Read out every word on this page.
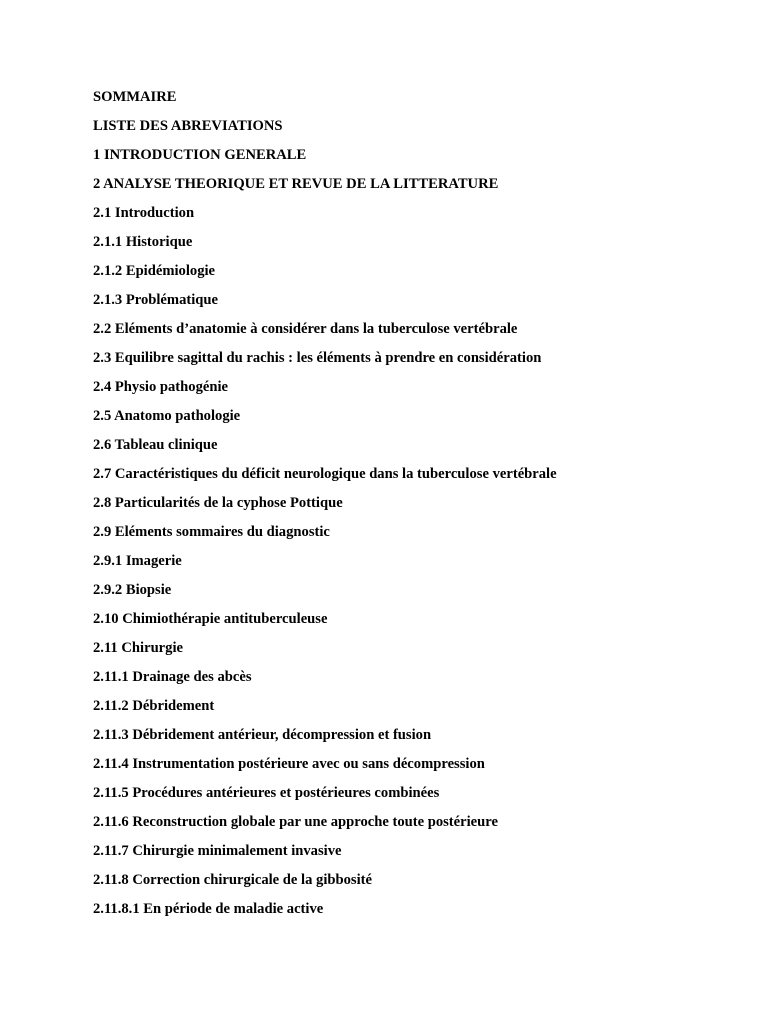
SOMMAIRE
LISTE DES ABREVIATIONS
1 INTRODUCTION GENERALE
2 ANALYSE THEORIQUE ET REVUE DE LA LITTERATURE
2.1 Introduction
2.1.1 Historique
2.1.2 Epidémiologie
2.1.3 Problématique
2.2 Eléments d’anatomie à considérer dans la tuberculose vertébrale
2.3 Equilibre sagittal du rachis : les éléments à prendre en considération
2.4 Physio pathogénie
2.5 Anatomo pathologie
2.6 Tableau clinique
2.7 Caractéristiques du déficit neurologique dans la tuberculose vertébrale
2.8 Particularités de la cyphose Pottique
2.9 Eléments sommaires du diagnostic
2.9.1 Imagerie
2.9.2 Biopsie
2.10 Chimiothérapie antituberculeuse
2.11 Chirurgie
2.11.1 Drainage des abcès
2.11.2 Débridement
2.11.3 Débridement antérieur, décompression et fusion
2.11.4 Instrumentation postérieure avec ou sans décompression
2.11.5 Procédures antérieures et postérieures combinées
2.11.6 Reconstruction globale par une approche toute postérieure
2.11.7 Chirurgie minimalement invasive
2.11.8 Correction chirurgicale de la gibbosité
2.11.8.1 En période de maladie active
